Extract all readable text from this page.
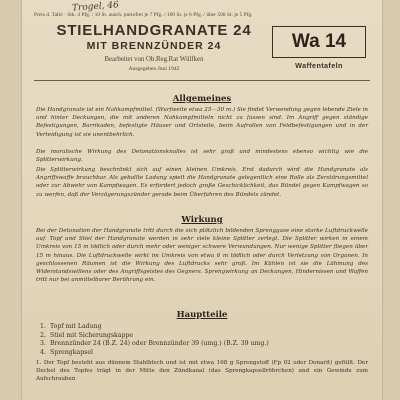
Trogel, 46
Preis d. Tafel · Stk. 4 Pfg. / 10 St. ausch. portofrei je 7 Pfg. / 100 St. je 6 Pfg. / über 500 St. je 5 Pfg.
STIELHANDGRANATE 24
MIT BRENNZÜNDER 24
Bearbeitet von Ob.Reg.Rat Wülfken
Ausgegeben Juni 1942
Wa 14
Waffentafeln
Allgemeines

Die Handgranate ist ein Nahkampfmittel. (Wurfweite etwa 25—30 m.) Sie findet Verwendung gegen lebende Ziele in und hinter Deckungen, die mit anderen Nahkampfmitteln nicht zu fassen sind. Im Angriff gegen ständige Befestigungen, Barrikaden, befestigte Häuser und Ortsteile, beim Aufrollen von Feldbefestigungen und in der Verteidigung ist sie unentbehrlich.

Die moralische Wirkung des Detonationsknalles ist sehr groß und mindestens ebenso wichtig wie die Splitterwirkung.

Die Splitterwirkung beschränkt sich auf einen kleinen Umkreis. Erst dadurch wird die Handgranate als Angriffswaffe brauchbar. Als geballte Ladung spielt die Handgranate gelegentlich eine Rolle als Zerstörungsmittel oder zur Abwehr von Kampfwagen. Es erfordert jedoch große Geschicklichkeit, das Bündel gegen Kampfwagen so zu werfen, daß der Verzögerungszünder gerade beim Überfahren des Bündels zündet.

Wirkung

Bei der Detonation der Handgranate tritt durch die sich plötzlich bildenden Sprenggase eine starke Luftdruckwelle auf. Topf und Stiel der Handgranate werden in sehr viele kleine Splitter zerlegt. Die Splitter wirken in einem Umkreis von 15 m tödlich oder durch mehr oder weniger schwere Verwundungen. Nur wenige Splitter fliegen über 15 m hinaus. Die Luftdruckwelle wirkt im Umkreis von etwa 6 m tödlich oder durch Verletzung von Organen. In geschlossenen Räumen ist die Wirkung des Luftdrucks sehr groß. Im Kühlen ist sie die Lähmung des Widerstandswillens oder des Angriffsgeistes des Gegners. Sprengwirkung an Deckungen, Hindernissen und Waffen tritt nur bei unmittelbarer Berührung ein.

Hauptteile
1. Topf mit Ladung
2. Stiel mit Sicherungskappe
3. Brennzünder 24 (B.Z. 24) oder Brennzünder 39 (umg.) (B.Z. 39 umg.)
4. Sprengkapsel

1. Der Topf besteht aus dünnem Stahlblech und ist mit etwa 168 g Sprengstoff (Fp 02 oder Donarit) gefüllt. Der Deckel des Topfes trägt in der Mitte den Zündkanal (das Sprengkapsellröhrchen) und ein Gewinde zum Aufschrauben
